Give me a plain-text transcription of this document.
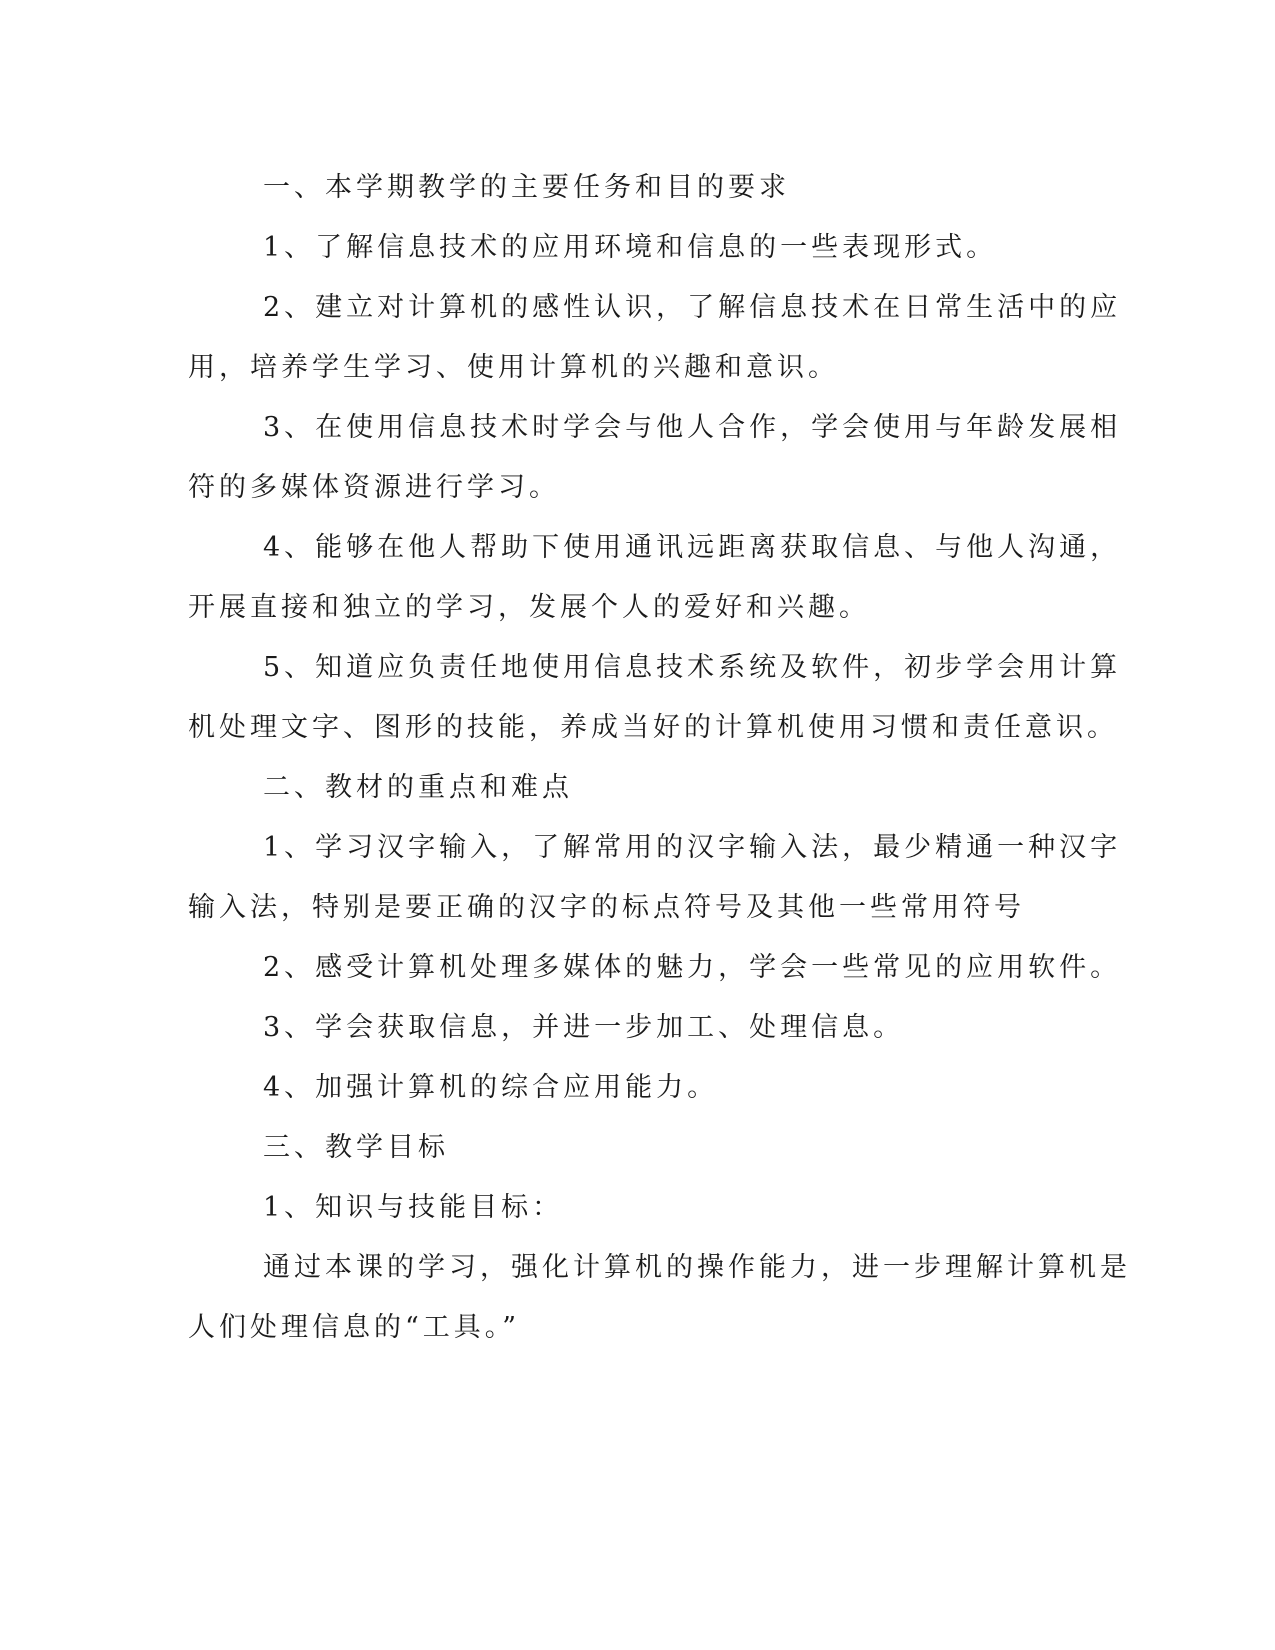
一、本学期教学的主要任务和目的要求

1、了解信息技术的应用环境和信息的一些表现形式。

2、建立对计算机的感性认识，了解信息技术在日常生活中的应

用，培养学生学习、使用计算机的兴趣和意识。

3、在使用信息技术时学会与他人合作，学会使用与年龄发展相

符的多媒体资源进行学习。

4、能够在他人帮助下使用通讯远距离获取信息、与他人沟通，

开展直接和独立的学习，发展个人的爱好和兴趣。

5、知道应负责任地使用信息技术系统及软件，初步学会用计算

机处理文字、图形的技能，养成当好的计算机使用习惯和责任意识。

二、教材的重点和难点

1、学习汉字输入，了解常用的汉字输入法，最少精通一种汉字

输入法，特别是要正确的汉字的标点符号及其他一些常用符号

2、感受计算机处理多媒体的魅力，学会一些常见的应用软件。

3、学会获取信息，并进一步加工、处理信息。

4、加强计算机的综合应用能力。

三、教学目标

1、知识与技能目标：

通过本课的学习，强化计算机的操作能力，进一步理解计算机是

人们处理信息的“工具。”
